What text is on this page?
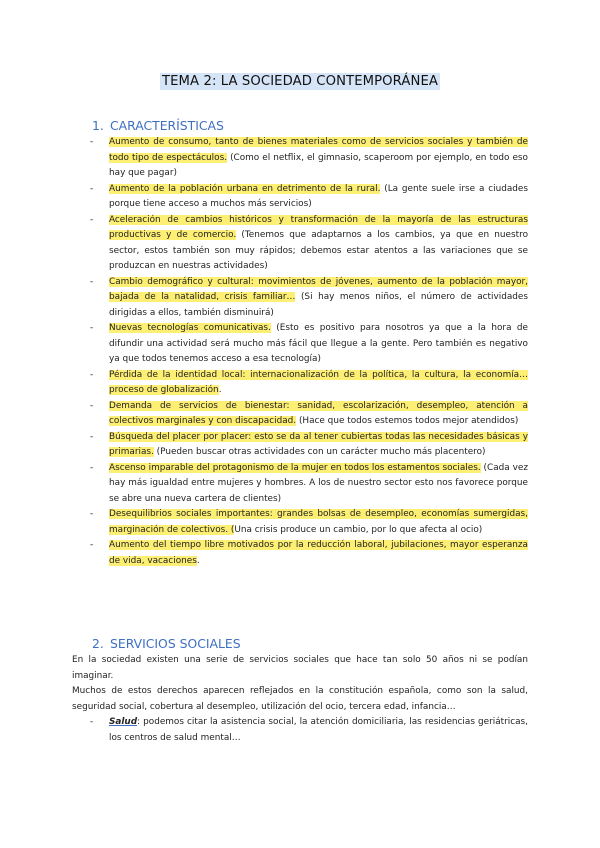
TEMA 2: LA SOCIEDAD CONTEMPORÁNEA
1. CARACTERÍSTICAS
- Aumento de consumo, tanto de bienes materiales como de servicios sociales y también de todo tipo de espectáculos. (Como el netflix, el gimnasio, scaperoom por ejemplo, en todo eso hay que pagar)
- Aumento de la población urbana en detrimento de la rural. (La gente suele irse a ciudades porque tiene acceso a muchos más servicios)
- Aceleración de cambios históricos y transformación de la mayoría de las estructuras productivas y de comercio. (Tenemos que adaptarnos a los cambios, ya que en nuestro sector, estos también son muy rápidos; debemos estar atentos a las variaciones que se produzcan en nuestras actividades)
- Cambio demográfico y cultural: movimientos de jóvenes, aumento de la población mayor, bajada de la natalidad, crisis familiar… (Si hay menos niños, el número de actividades dirigidas a ellos, también disminuirá)
- Nuevas tecnologías comunicativas. (Esto es positivo para nosotros ya que a la hora de difundir una actividad será mucho más fácil que llegue a la gente. Pero también es negativo ya que todos tenemos acceso a esa tecnología)
- Pérdida de la identidad local: internacionalización de la política, la cultura, la economía… proceso de globalización.
- Demanda de servicios de bienestar: sanidad, escolarización, desempleo, atención a colectivos marginales y con discapacidad. (Hace que todos estemos todos mejor atendidos)
- Búsqueda del placer por placer: esto se da al tener cubiertas todas las necesidades básicas y primarias. (Pueden buscar otras actividades con un carácter mucho más placentero)
- Ascenso imparable del protagonismo de la mujer en todos los estamentos sociales. (Cada vez hay más igualdad entre mujeres y hombres. A los de nuestro sector esto nos favorece porque se abre una nueva cartera de clientes)
- Desequilibrios sociales importantes: grandes bolsas de desempleo, economías sumergidas, marginación de colectivos. (Una crisis produce un cambio, por lo que afecta al ocio)
- Aumento del tiempo libre motivados por la reducción laboral, jubilaciones, mayor esperanza de vida, vacaciones.
2. SERVICIOS SOCIALES

En la sociedad existen una serie de servicios sociales que hace tan solo 50 años ni se podían imaginar.

Muchos de estos derechos aparecen reflejados en la constitución española, como son la salud, seguridad social, cobertura al desempleo, utilización del ocio, tercera edad, infancia…

- Salud: podemos citar la asistencia social, la atención domiciliaria, las residencias geriátricas, los centros de salud mental…
